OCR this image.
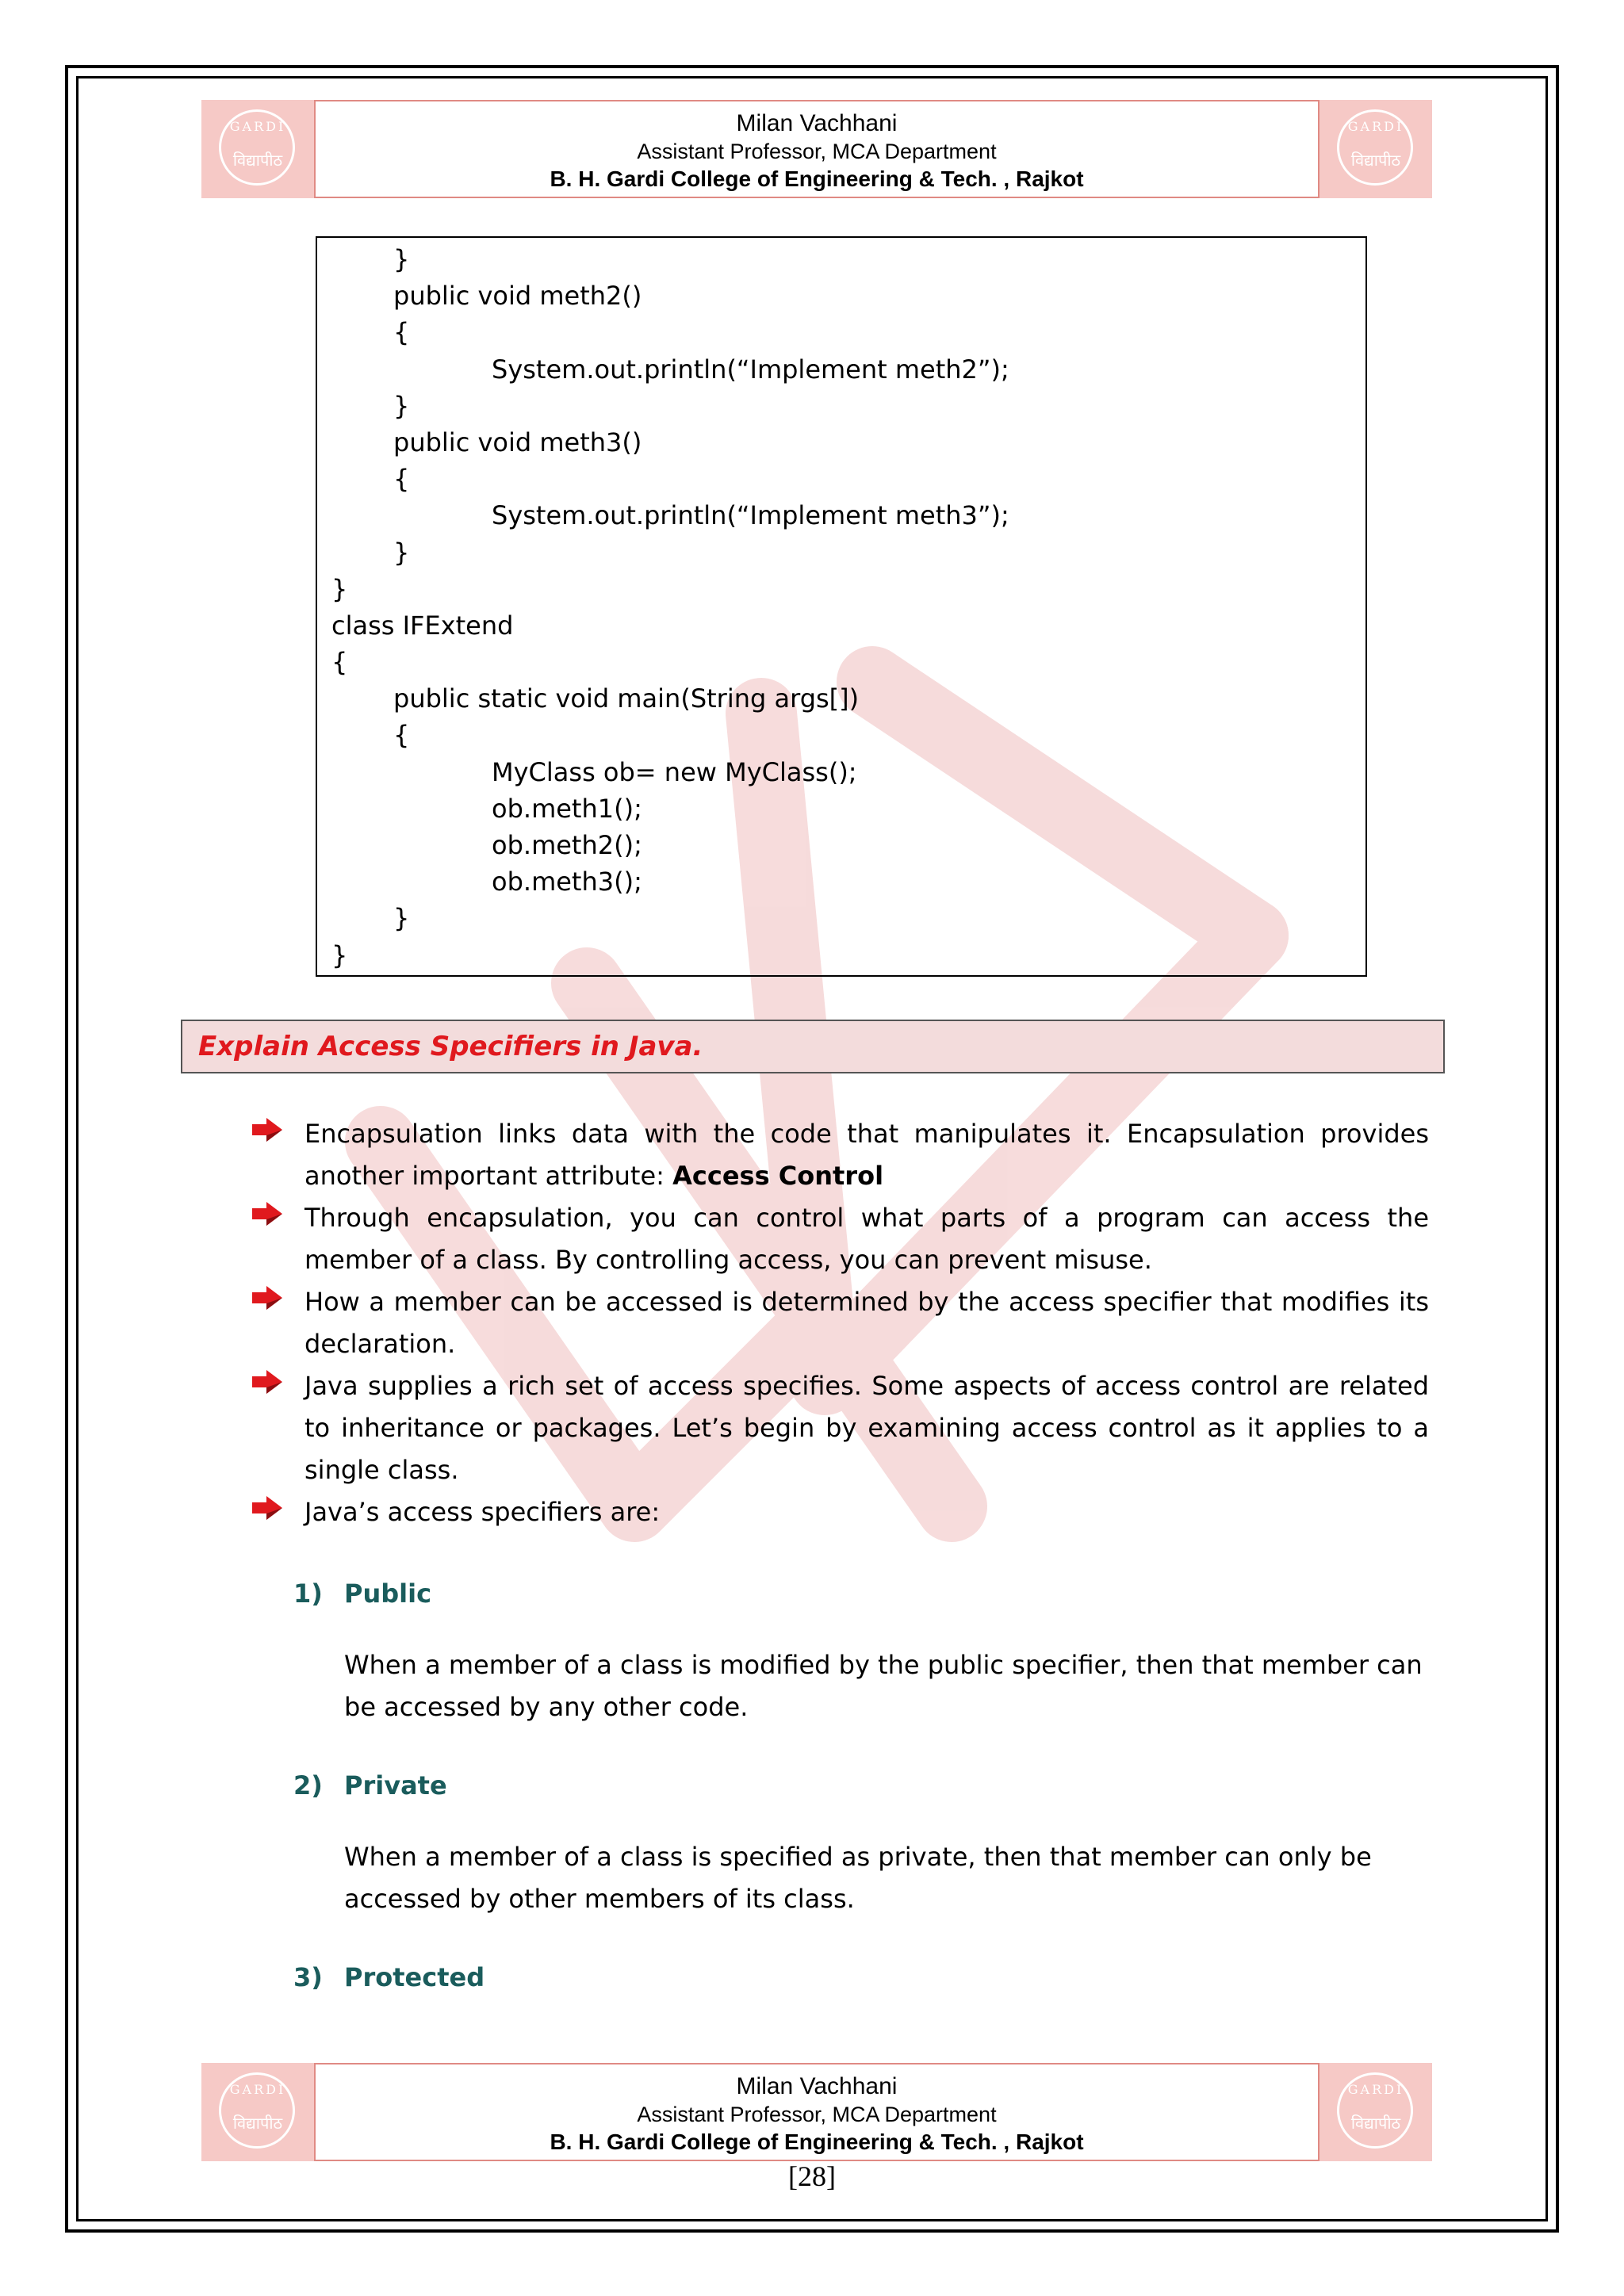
GARDI
विद्यापीठ
Milan Vachhani
Assistant Professor, MCA Department
B. H. Gardi College of Engineering & Tech. , Rajkot
GARDI
विद्यापीठ
}
public void meth2()
{
System.out.println(“Implement meth2”);
}
public void meth3()
{
System.out.println(“Implement meth3”);
}
}
class IFExtend
{
public static void main(String args[])
{
MyClass ob= new MyClass();
ob.meth1();
ob.meth2();
ob.meth3();
}
}
Explain Access Specifiers in Java.
Encapsulation links data with the code that manipulates it. Encapsulation provides another important attribute: Access Control
Through encapsulation, you can control what parts of a program can access the member of a class. By controlling access, you can prevent misuse.
How a member can be accessed is determined by the access specifier that modifies its declaration.
Java supplies a rich set of access specifies. Some aspects of access control are related to inheritance or packages. Let’s begin by examining access control as it applies to a single class.
Java’s access specifiers are:
1) Public
When a member of a class is modified by the public specifier, then that member can be accessed by any other code.
2) Private
When a member of a class is specified as private, then that member can only be accessed by other members of its class.
3) Protected
GARDI
विद्यापीठ
Milan Vachhani
Assistant Professor, MCA Department
B. H. Gardi College of Engineering & Tech. , Rajkot
GARDI
विद्यापीठ
[28]
